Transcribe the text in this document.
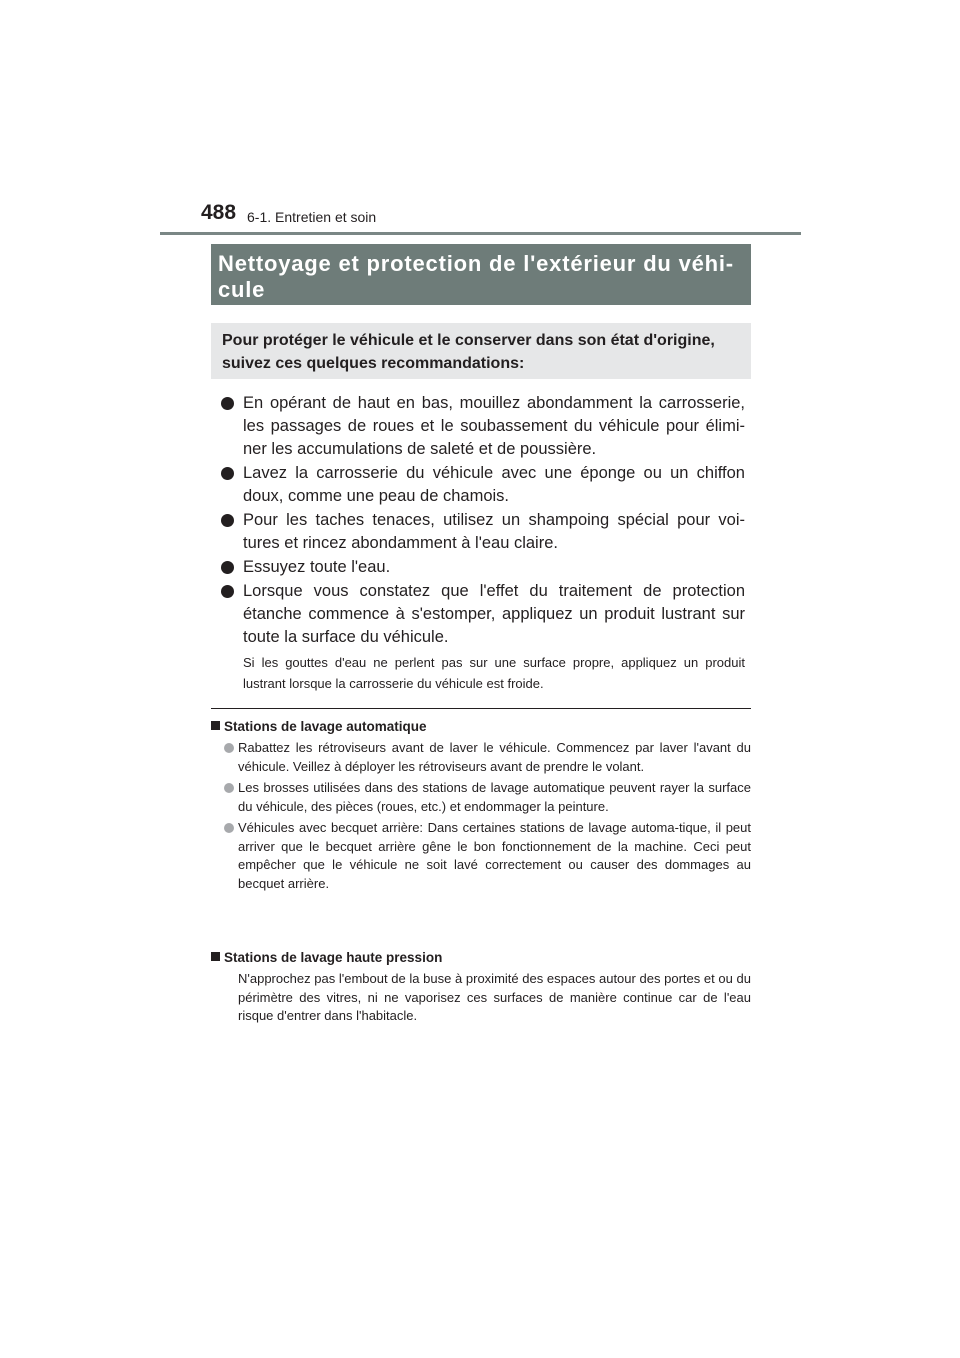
488 6-1. Entretien et soin
Nettoyage et protection de l'extérieur du véhi-cule
Pour protéger le véhicule et le conserver dans son état d'origine, suivez ces quelques recommandations:
En opérant de haut en bas, mouillez abondamment la carrosserie, les passages de roues et le soubassement du véhicule pour élimi-ner les accumulations de saleté et de poussière.
Lavez la carrosserie du véhicule avec une éponge ou un chiffon doux, comme une peau de chamois.
Pour les taches tenaces, utilisez un shampoing spécial pour voi-tures et rincez abondamment à l'eau claire.
Essuyez toute l'eau.
Lorsque vous constatez que l'effet du traitement de protection étanche commence à s'estomper, appliquez un produit lustrant sur toute la surface du véhicule.
Si les gouttes d'eau ne perlent pas sur une surface propre, appliquez un produit lustrant lorsque la carrosserie du véhicule est froide.
Stations de lavage automatique
Rabattez les rétroviseurs avant de laver le véhicule. Commencez par laver l'avant du véhicule. Veillez à déployer les rétroviseurs avant de prendre le volant.
Les brosses utilisées dans des stations de lavage automatique peuvent rayer la surface du véhicule, des pièces (roues, etc.) et endommager la peinture.
Véhicules avec becquet arrière: Dans certaines stations de lavage automa-tique, il peut arriver que le becquet arrière gêne le bon fonctionnement de la machine. Ceci peut empêcher que le véhicule ne soit lavé correctement ou causer des dommages au becquet arrière.
Stations de lavage haute pression
N'approchez pas l'embout de la buse à proximité des espaces autour des portes et ou du périmètre des vitres, ni ne vaporisez ces surfaces de manière continue car de l'eau risque d'entrer dans l'habitacle.
